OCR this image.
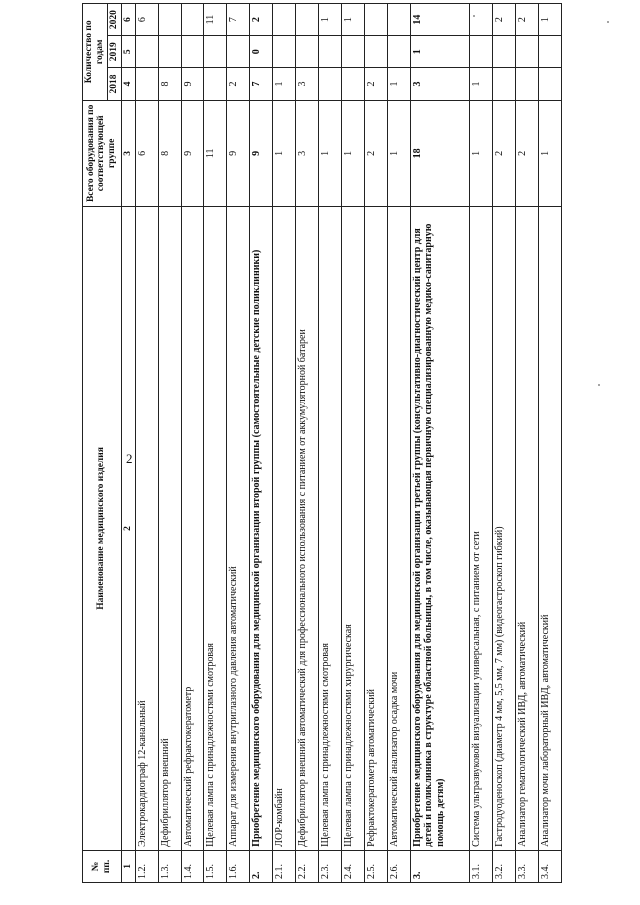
2
№ пп.	Наименование медицинского изделия	Всего оборудования по соответствующей группе	Количество по годам		
			2018	2019	2020
1	2	3	4	5	6
1.2.	Электрокардиограф 12-канальный	6			6
1.3.	Дефибриллятор внешний	8	8		
1.4.	Автоматический рефрактокератометр	9	9		
1.5.	Щелевая лампа с принадлежностями смотровая	11			11
1.6.	Аппарат для измерения внутриглазного давления автоматический	9	2		7
2.	Приобретение медицинского оборудования для медицинской организации второй группы (самостоятельные детские поликлиники)	9	7	0	2
2.1.	ЛОР-комбайн	1	1		
2.2.	Дефибриллятор внешний автоматический для профессионального использования с питанием от аккумуляторной батареи	3	3		
2.3.	Щелевая лампа с принадлежностями смотровая	1			1
2.4.	Щелевая лампа с принадлежностями хирургическая	1			1
2.5.	Рефрактокератометр автоматический	2	2		
2.6.	Автоматический анализатор осадка мочи	1	1		
3.	Приобретение медицинского оборудования для медицинской организации третьей группы (консультативно-диагностический центр для детей и поликлиника в структуре областной больницы, в том числе, оказывающая первичную специализированную медико-санитарную помощь детям)	18	3	1	14
3.1.	Система ультразвуковой визуализации универсальная, с питанием от сети	1	1		
3.2.	Гастродуоденоскоп (диаметр 4 мм, 5,5 мм, 7 мм) (видеогастроскоп гибкий)	2			2
3.3.	Анализатор гематологический ИВД, автоматический	2			2
3.4.	Анализатор мочи лабораторный ИВД, автоматический	1			1
